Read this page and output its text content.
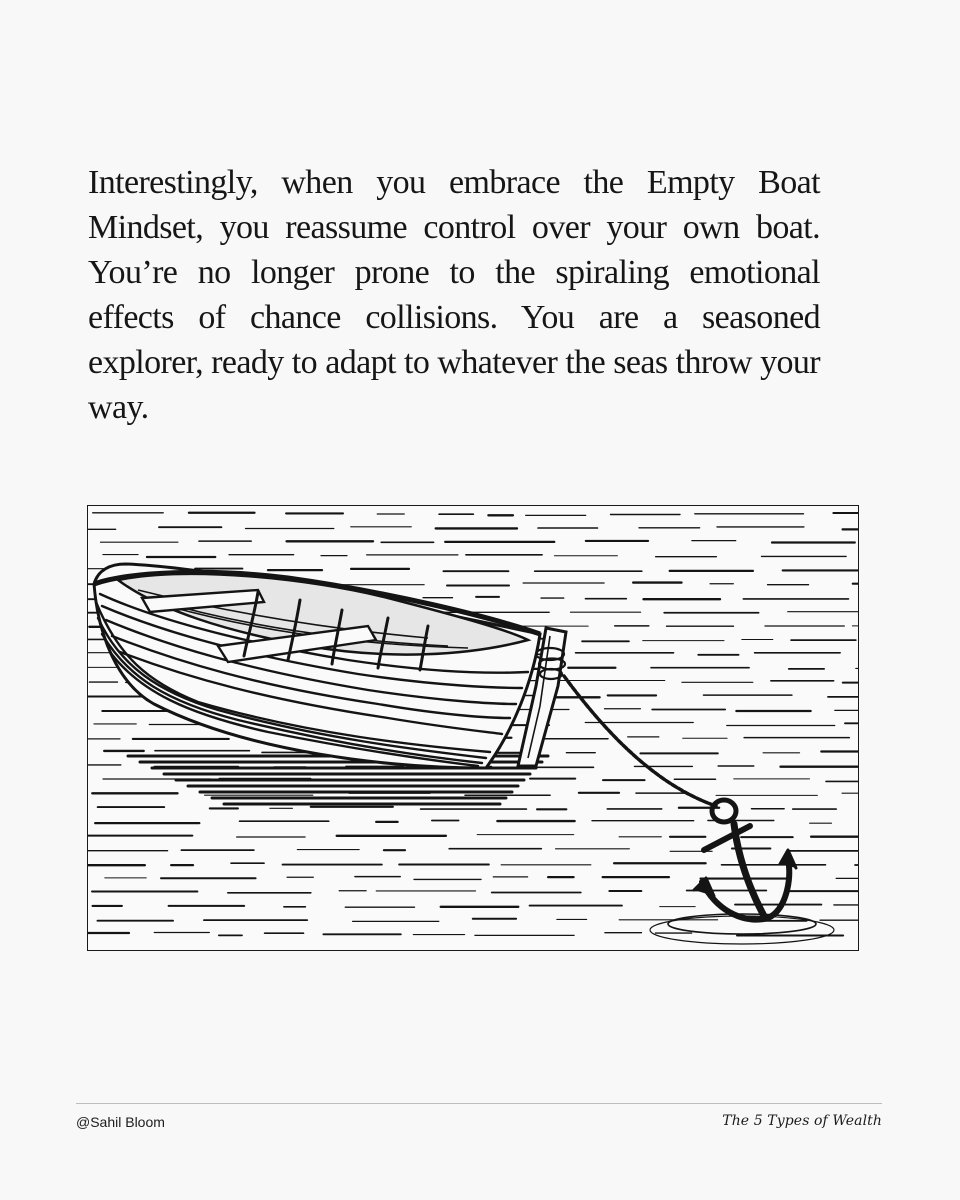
Interestingly, when you embrace the Empty Boat Mindset, you reassume control over your own boat. You’re no longer prone to the spiraling emotional effects of chance collisions. You are a seasoned explorer, ready to adapt to whatever the seas throw your way.

@Sahil Bloom	The 5 Types of Wealth
